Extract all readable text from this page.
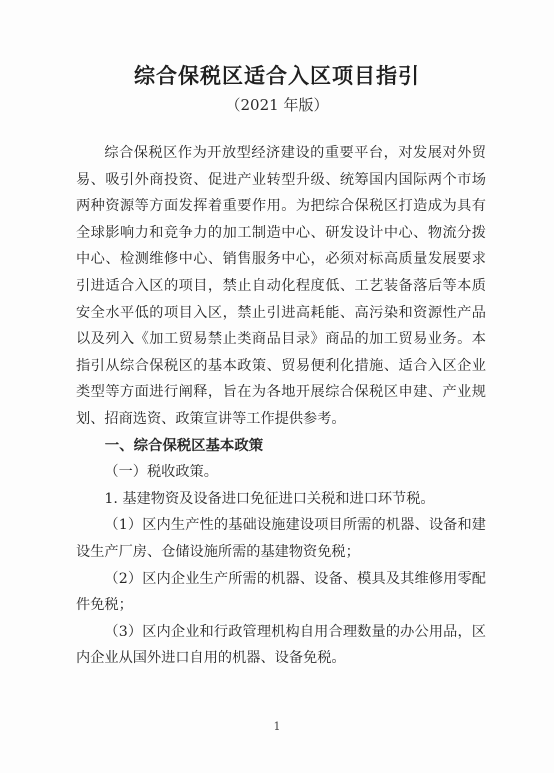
综合保税区适合入区项目指引
（2021 年版）

综合保税区作为开放型经济建设的重要平台，对发展对外贸易、吸引外商投资、促进产业转型升级、统筹国内国际两个市场两种资源等方面发挥着重要作用。为把综合保税区打造成为具有全球影响力和竞争力的加工制造中心、研发设计中心、物流分拨中心、检测维修中心、销售服务中心，必须对标高质量发展要求引进适合入区的项目，禁止自动化程度低、工艺装备落后等本质安全水平低的项目入区，禁止引进高耗能、高污染和资源性产品以及列入《加工贸易禁止类商品目录》商品的加工贸易业务。本指引从综合保税区的基本政策、贸易便利化措施、适合入区企业类型等方面进行阐释，旨在为各地开展综合保税区申建、产业规划、招商选资、政策宣讲等工作提供参考。

一、综合保税区基本政策

（一）税收政策。

1. 基建物资及设备进口免征进口关税和进口环节税。

（1）区内生产性的基础设施建设项目所需的机器、设备和建设生产厂房、仓储设施所需的基建物资免税；

（2）区内企业生产所需的机器、设备、模具及其维修用零配件免税；

（3）区内企业和行政管理机构自用合理数量的办公用品，区内企业从国外进口自用的机器、设备免税。

1
